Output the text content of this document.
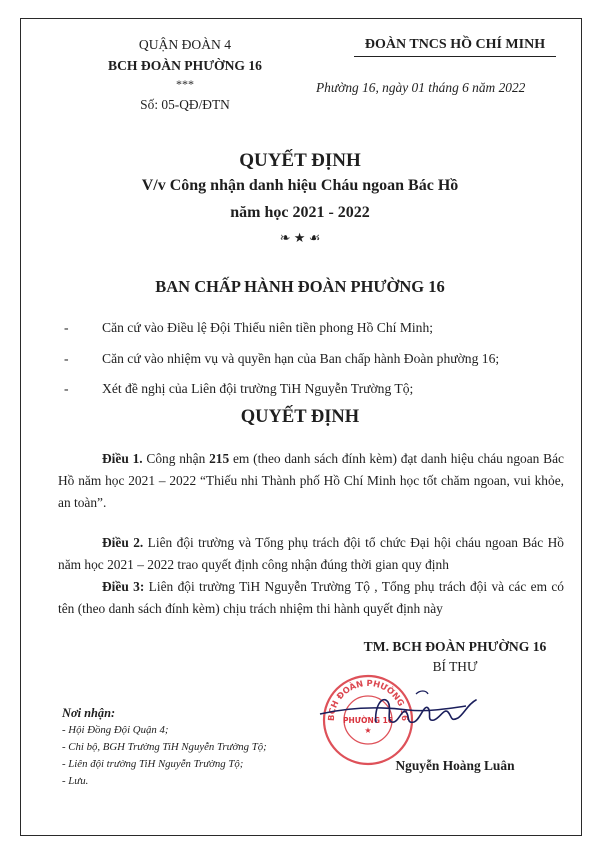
QUẬN ĐOÀN 4
BCH ĐOÀN PHƯỜNG 16
***
Số: 05-QĐ/ĐTN
ĐOÀN TNCS HỒ CHÍ MINH
Phường 16, ngày 01 tháng 6 năm 2022
QUYẾT ĐỊNH
V/v Công nhận danh hiệu Cháu ngoan Bác Hồ
năm học 2021 - 2022
❧ ★ ☙
BAN CHẤP HÀNH ĐOÀN PHƯỜNG 16
- Căn cứ vào Điều lệ Đội Thiếu niên tiền phong Hồ Chí Minh;
- Căn cứ vào nhiệm vụ và quyền hạn của Ban chấp hành Đoàn phường 16;
- Xét đề nghị của Liên đội trường TiH Nguyễn Trường Tộ;
QUYẾT ĐỊNH
Điều 1. Công nhận 215 em (theo danh sách đính kèm) đạt danh hiệu cháu ngoan Bác Hồ năm học 2021 – 2022 “Thiếu nhi Thành phố Hồ Chí Minh học tốt chăm ngoan, vui khỏe, an toàn”.
Điều 2. Liên đội trường và Tổng phụ trách đội tổ chức Đại hội cháu ngoan Bác Hồ năm học 2021 – 2022 trao quyết định công nhận đúng thời gian quy định
Điều 3: Liên đội trường TiH Nguyễn Trường Tộ , Tổng phụ trách đội và các em có tên (theo danh sách đính kèm) chịu trách nhiệm thi hành quyết định này
TM. BCH ĐOÀN PHƯỜNG 16
BÍ THƯ
BCH ĐOÀN PHƯỜNG 16
PHƯỜNG 16
★
Nguyễn Hoàng Luân
Nơi nhận:
- Hội Đồng Đội Quận 4;
- Chi bộ, BGH Trường TiH Nguyễn Trường Tộ;
- Liên đội trường TiH Nguyễn Trường Tộ;
- Lưu.
